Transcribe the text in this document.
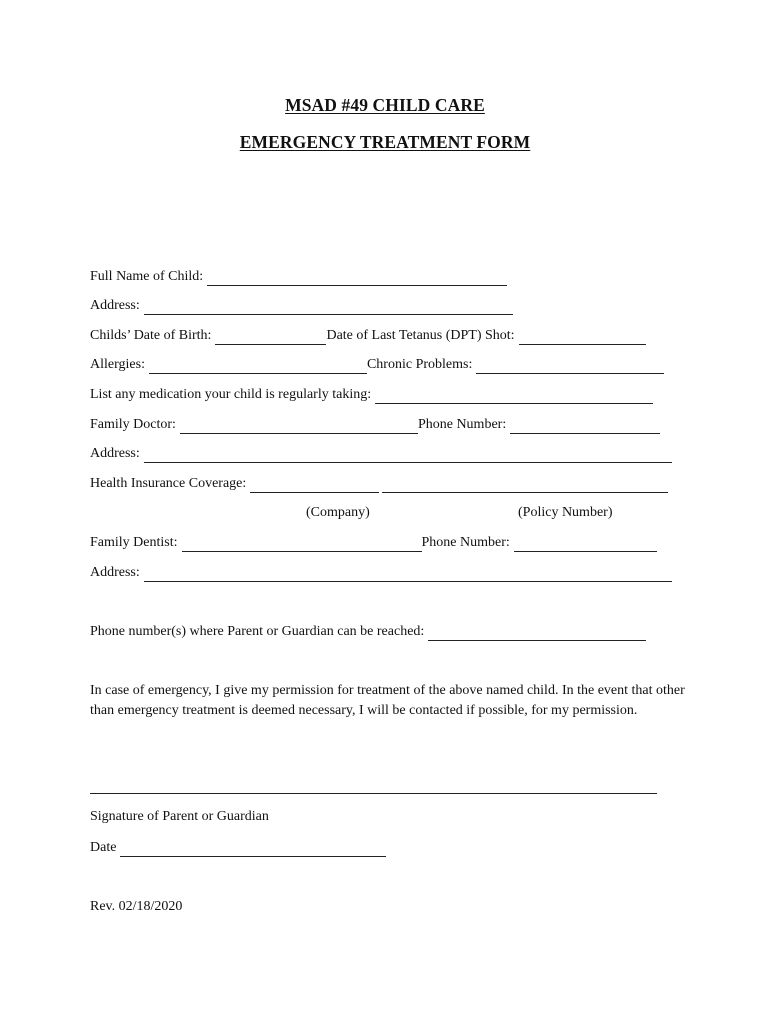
MSAD #49 CHILD CARE
EMERGENCY TREATMENT FORM
Full Name of Child:
Address:
Childs’ Date of Birth:	Date of Last Tetanus (DPT) Shot:
Allergies:	Chronic Problems:
List any medication your child is regularly taking:
Family Doctor:	Phone Number:
Address:
Health Insurance Coverage:
(Company)	(Policy Number)
Family Dentist:	Phone Number:
Address:
Phone number(s) where Parent or Guardian can be reached:
In case of emergency, I give my permission for treatment of the above named child. In the event that other than emergency treatment is deemed necessary, I will be contacted if possible, for my permission.
Signature of Parent or Guardian
Date
Rev. 02/18/2020
